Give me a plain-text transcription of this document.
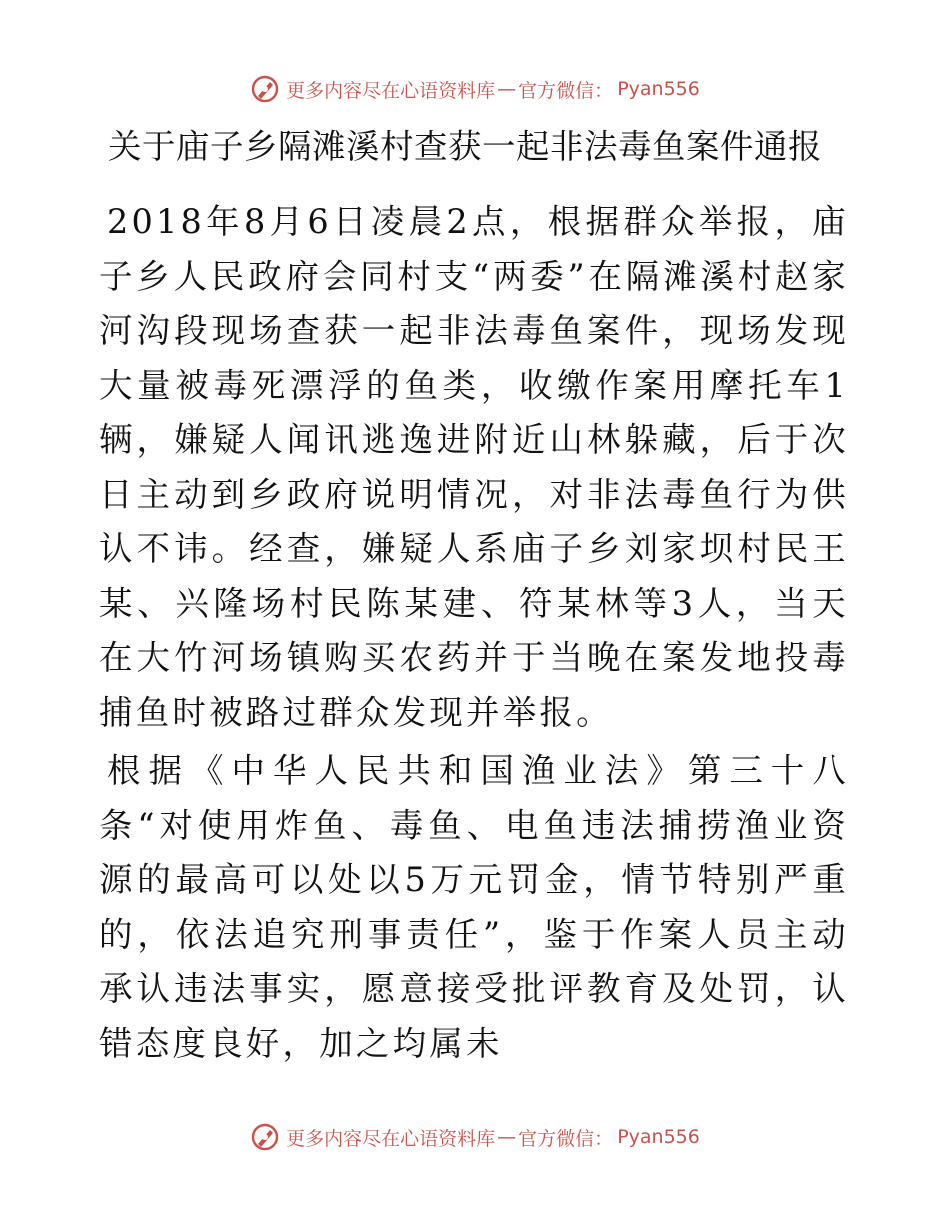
更多内容尽在心语资料库 — 官方微信： Pyan556
关于庙子乡隔滩溪村查获一起非法毒鱼案件通报

2018年8月6日凌晨2点，根据群众举报，庙子乡人民政府会同村支“两委”在隔滩溪村赵家河沟段现场查获一起非法毒鱼案件，现场发现大量被毒死漂浮的鱼类，收缴作案用摩托车1辆，嫌疑人闻讯逃逸进附近山林躲藏，后于次日主动到乡政府说明情况，对非法毒鱼行为供认不讳。经查，嫌疑人系庙子乡刘家坝村民王某、兴隆场村民陈某建、符某林等3人，当天在大竹河场镇购买农药并于当晚在案发地投毒捕鱼时被路过群众发现并举报。

根据《中华人民共和国渔业法》第三十八条“对使用炸鱼、毒鱼、电鱼违法捕捞渔业资源的最高可以处以5万元罚金，情节特别严重的，依法追究刑事责任”，鉴于作案人员主动承认违法事实，愿意接受批评教育及处罚，认错态度良好，加之均属未

更多内容尽在心语资料库 — 官方微信： Pyan556
